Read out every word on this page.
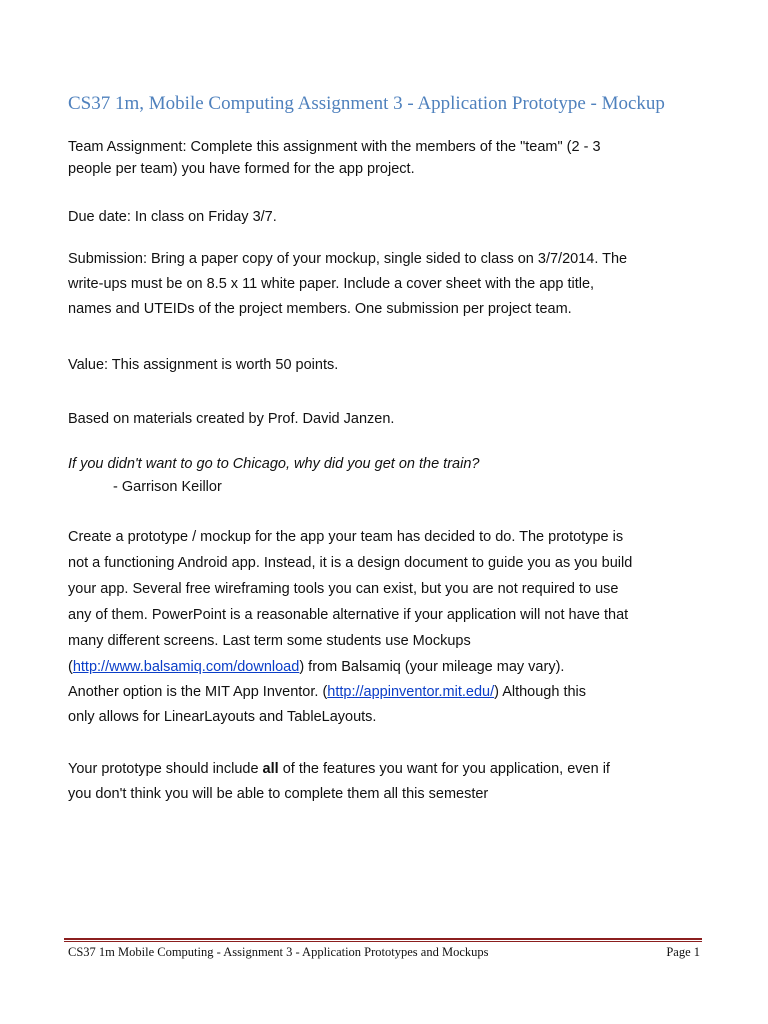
CS37 1m, Mobile Computing Assignment 3 - Application Prototype - Mockup
Team Assignment: Complete this assignment with the members of the "team" (2 - 3
people per team) you have formed for the app project.
Due date: In class on Friday 3/7.
Submission: Bring a paper copy of your mockup, single sided to class on 3/7/2014. The
write-ups must be on 8.5 x 11 white paper. Include a cover sheet with the app title,
names and UTEIDs of the project members. One submission per project team.
Value: This assignment is worth 50 points.
Based on materials created by Prof. David Janzen.
If you didn't want to go to Chicago, why did you get on the train?
- Garrison Keillor
Create a prototype / mockup for the app your team has decided to do. The prototype is
not a functioning Android app. Instead, it is a design document to guide you as you build
your app. Several free wireframing tools you can exist, but you are not required to use
any of them. PowerPoint is a reasonable alternative if your application will not have that
many different screens. Last term some students use Mockups
(http://www.balsamiq.com/download) from Balsamiq (your mileage may vary).
Another option is the MIT App Inventor. (http://appinventor.mit.edu/) Although this
only allows for LinearLayouts and TableLayouts.
Your prototype should include all of the features you want for you application, even if
you don't think you will be able to complete them all this semester
CS37 1m Mobile Computing - Assignment 3 - Application Prototypes and Mockups	Page 1
